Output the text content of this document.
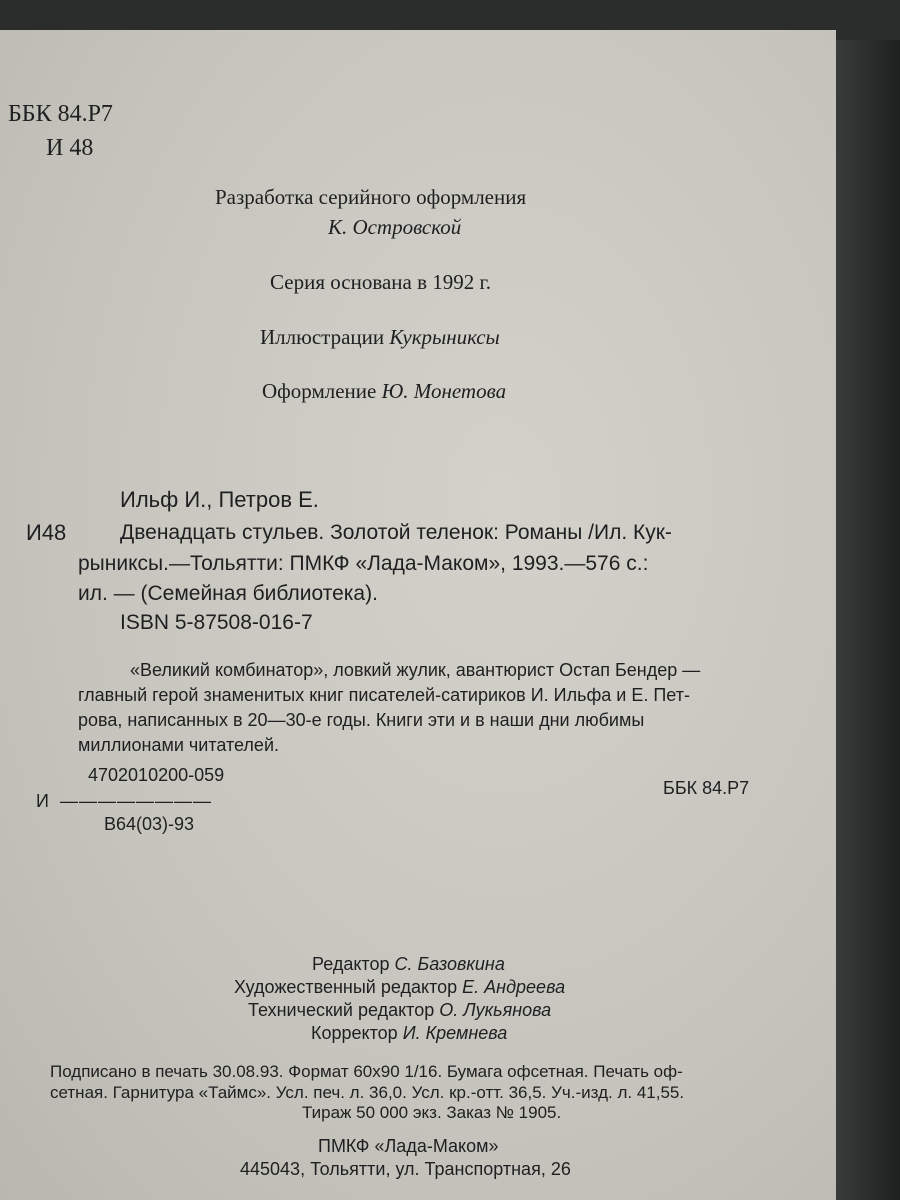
ББК 84.Р7
И 48
Разработка серийного оформления
К. Островской
Серия основана в 1992 г.
Иллюстрации Кукрыниксы
Оформление Ю. Монетова
Ильф И., Петров Е.
И48	Двенадцать стульев. Золотой теленок: Романы /Ил. Кук-
рыниксы.—Тольятти: ПМКФ «Лада-Маком», 1993.—576 с.:
ил. — (Семейная библиотека).
ISBN 5-87508-016-7
«Великий комбинатор», ловкий жулик, авантюрист Остап Бендер —
главный герой знаменитых книг писателей-сатириков И. Ильфа и Е. Пет-
рова, написанных в 20—30-е годы. Книги эти и в наши дни любимы
миллионами читателей.
4702010200-059
И ————————
В64(03)-93
ББК 84.Р7
Редактор С. Базовкина
Художественный редактор Е. Андреева
Технический редактор О. Лукьянова
Корректор И. Кремнева
Подписано в печать 30.08.93. Формат 60х90 1/16. Бумага офсетная. Печать оф-
сетная. Гарнитура «Таймс». Усл. печ. л. 36,0. Усл. кр.-отт. 36,5. Уч.-изд. л. 41,55.
Тираж 50 000 экз. Заказ № 1905.
ПМКФ «Лада-Маком»
445043, Тольятти, ул. Транспортная, 26
